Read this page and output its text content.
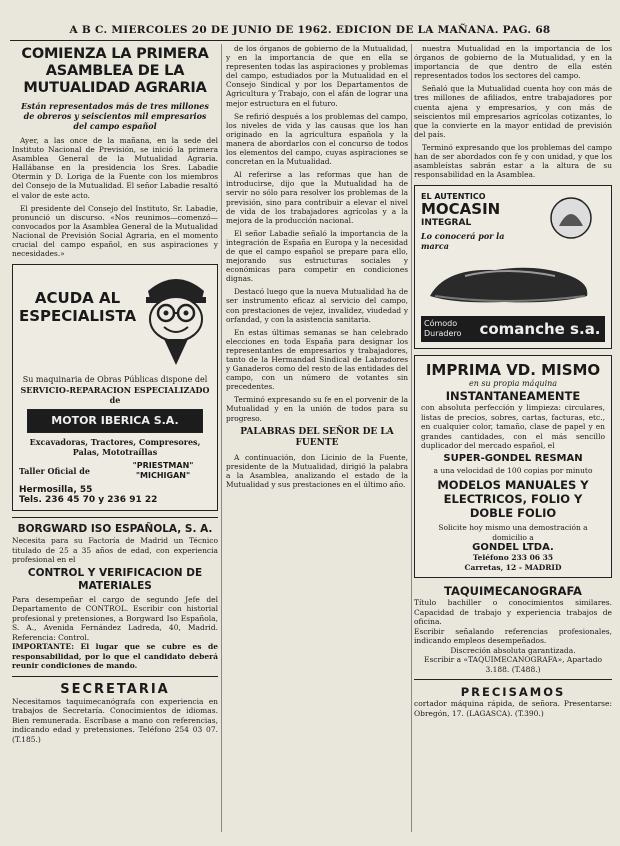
A B C. MIERCOLES 20 DE JUNIO DE 1962. EDICION DE LA MAÑANA. PAG. 68
COMIENZA LA PRIMERA ASAMBLEA DE LA MUTUALIDAD AGRARIA
Están representados más de tres millones de obreros y seiscientos mil empresarios del campo español

Ayer, a las once de la mañana, en la sede del Instituto Nacional de Previsión, se inició la primera Asamblea General de la Mutualidad Agraria. Hallábanse en la presidencia los Sres. Labadie Otermin y D. Loriga de la Fuente con los miembros del Consejo de la Mutualidad. El señor Labadie resaltó el valor de este acto.

El presidente del Consejo del Instituto, Sr. Labadie, pronunció un discurso. «Nos reunimos—comenzó—convocados por la Asamblea General de la Mutualidad Nacional de Previsión Social Agraria, en el momento crucial del campo español, en sus aspiraciones y necesidades.»

ACUDA AL
ESPECIALISTA
Su maquinaria de Obras Públicas dispone del
SERVICIO-REPARACION ESPECIALIZADO de
MOTOR IBERICA S.A.
Excavadoras, Tractores, Compresores, Palas, Mototraíllas
Taller Oficial de
"PRIESTMAN" "MICHIGAN"
Hermosilla, 55
Tels. 236 45 70 y 236 91 22
BORGWARD ISO ESPAÑOLA, S. A.
Necesita para su Factoría de Madrid un Técnico titulado de 25 a 35 años de edad, con experiencia profesional en el
CONTROL Y VERIFICACION DE MATERIALES
Para desempeñar el cargo de segundo Jefe del Departamento de CONTROL. Escribir con historial profesional y pretensiones, a Borgward Iso Española, S. A., Avenida Fernández Ladreda, 40, Madrid. Referencia: Control.
IMPORTANTE: El lugar que se cubre es de responsabilidad, por lo que el candidato deberá reunir condiciones de mando.
SECRETARIA
Necesitamos taquimecanógrafa con experiencia en trabajos de Secretaría. Conocimientos de idiomas. Bien remunerada. Escríbase a mano con referencias, indicando edad y pretensiones. Teléfono 254 03 07. (T.185.)

de los órganos de gobierno de la Mutualidad, y en la importancia de que en ella se representen todas las aspiraciones y problemas del campo, estudiados por la Mutualidad en el Consejo Sindical y por los Departamentos de Agricultura y Trabajo, con el afán de lograr una mejor estructura en el futuro.

Se refirió después a los problemas del campo, los niveles de vida y las causas que los han originado en la agricultura española y la manera de abordarlos con el concurso de todos los elementos del campo, cuyas aspiraciones se concretan en la Mutualidad.

Al referirse a las reformas que han de introducirse, dijo que la Mutualidad ha de servir no sólo para resolver los problemas de la previsión, sino para contribuir a elevar el nivel de vida de los trabajadores agrícolas y a la mejora de la producción nacional.

El señor Labadie señaló la importancia de la integración de España en Europa y la necesidad de que el campo español se prepare para ello, mejorando sus estructuras sociales y económicas para competir en condiciones dignas.

Destacó luego que la nueva Mutualidad ha de ser instrumento eficaz al servicio del campo, con prestaciones de vejez, invalidez, viudedad y orfandad, y con la asistencia sanitaria.

En estas últimas semanas se han celebrado elecciones en toda España para designar los representantes de empresarios y trabajadores, tanto de la Hermandad Sindical de Labradores y Ganaderos como del resto de las entidades del campo, con un número de votantes sin precedentes.

Terminó expresando su fe en el porvenir de la Mutualidad y en la unión de todos para su progreso.

PALABRAS DEL SEÑOR DE LA FUENTE

A continuación, don Licinio de la Fuente, presidente de la Mutualidad, dirigió la palabra a la Asamblea, analizando el estado de la Mutualidad y sus prestaciones en el último año.

nuestra Mutualidad en la importancia de los órganos de gobierno de la Mutualidad, y en la importancia de que dentro de ella estén representados todos los sectores del campo.

Señaló que la Mutualidad cuenta hoy con más de tres millones de afiliados, entre trabajadores por cuenta ajena y empresarios, y con más de seiscientos mil empresarios agrícolas cotizantes, lo que la convierte en la mayor entidad de previsión del país.

Terminó expresando que los problemas del campo han de ser abordados con fe y con unidad, y que los asambleístas sabrán estar a la altura de su responsabilidad en la Asamblea.

EL AUTENTICO
MOCASIN
INTEGRAL
Lo conocerá por la marca
Cómodo
Duradero	comanche s.a.
IMPRIMA VD. MISMO
en su propia máquina
INSTANTANEAMENTE
con absoluta perfección y limpieza: circulares, listas de precios, sobres, cartas, facturas, etc., en cualquier color, tamaño, clase de papel y en grandes cantidades, con el más sencillo duplicador del mercado español, el
SUPER-GONDEL RESMAN
a una velocidad de 100 copias por minuto
MODELOS MANUALES Y ELECTRICOS, FOLIO Y DOBLE FOLIO
Solicite hoy mismo una demostración a domicilio a
GONDEL LTDA.
Teléfono 233 06 35
Carretas, 12 - MADRID
TAQUIMECANOGRAFA
Título bachiller o conocimientos similares. Capacidad de trabajo y experiencia trabajos de oficina.
Escribir señalando referencias profesionales, indicando empleos desempeñados.
Discreción absoluta garantizada.
Escribir a «TAQUIMECANOGRAFA», Apartado 3.188. (T.488.)
PRECISAMOS
cortador máquina rápida, de señora. Presentarse: Obregón, 17. (LAGASCA). (T.390.)
